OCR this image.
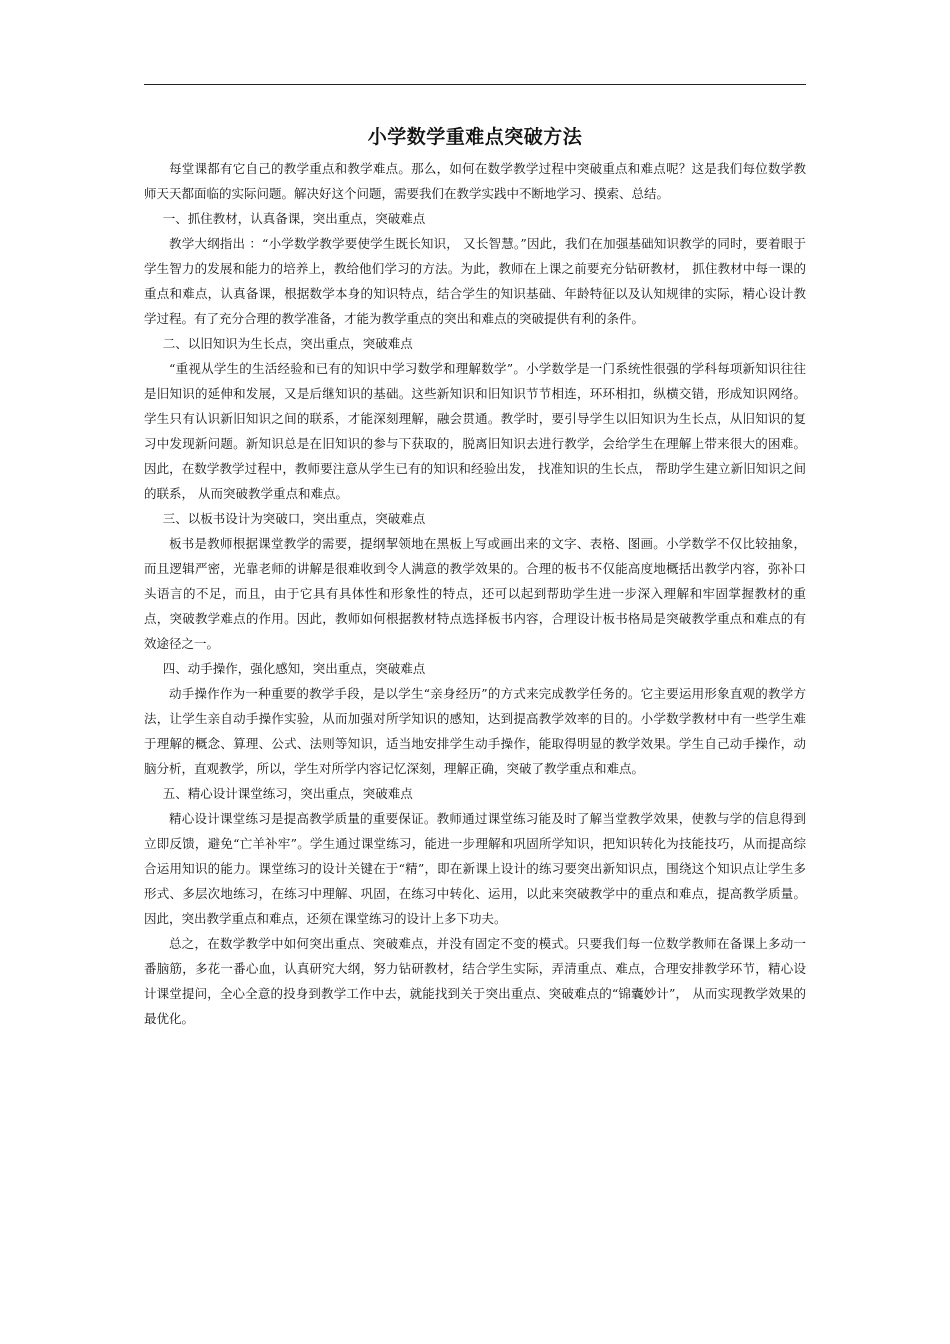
小学数学重难点突破方法

每堂课都有它自己的教学重点和教学难点。那么，如何在数学教学过程中突破重点和难点呢？这是我们每位数学教师天天都面临的实际问题。解决好这个问题，需要我们在教学实践中不断地学习、摸索、总结。

一、抓住教材，认真备课，突出重点，突破难点

教学大纲指出 ：“小学数学教学要使学生既长知识， 又长智慧。”因此，我们在加强基础知识教学的同时，要着眼于学生智力的发展和能力的培养上，教给他们学习的方法。为此，教师在上课之前要充分钻研教材， 抓住教材中每一课的重点和难点，认真备课，根据数学本身的知识特点，结合学生的知识基础、年龄特征以及认知规律的实际，精心设计教学过程。有了充分合理的教学准备，才能为教学重点的突出和难点的突破提供有利的条件。

二、以旧知识为生长点，突出重点，突破难点

“重视从学生的生活经验和已有的知识中学习数学和理解数学”。小学数学是一门系统性很强的学科每项新知识往往是旧知识的延伸和发展，又是后继知识的基础。这些新知识和旧知识节节相连，环环相扣，纵横交错，形成知识网络。学生只有认识新旧知识之间的联系，才能深刻理解，融会贯通。教学时，要引导学生以旧知识为生长点，从旧知识的复习中发现新问题。新知识总是在旧知识的参与下获取的，脱离旧知识去进行教学，会给学生在理解上带来很大的困难。因此，在数学教学过程中，教师要注意从学生已有的知识和经验出发， 找准知识的生长点， 帮助学生建立新旧知识之间的联系， 从而突破教学重点和难点。

三、以板书设计为突破口，突出重点，突破难点

板书是教师根据课堂教学的需要，提纲挈领地在黑板上写或画出来的文字、表格、图画。小学数学不仅比较抽象，而且逻辑严密，光靠老师的讲解是很难收到令人满意的教学效果的。合理的板书不仅能高度地概括出教学内容，弥补口头语言的不足，而且，由于它具有具体性和形象性的特点，还可以起到帮助学生进一步深入理解和牢固掌握教材的重点，突破教学难点的作用。因此，教师如何根据教材特点选择板书内容，合理设计板书格局是突破教学重点和难点的有效途径之一。

四、动手操作，强化感知，突出重点，突破难点

动手操作作为一种重要的教学手段，是以学生“亲身经历”的方式来完成教学任务的。它主要运用形象直观的教学方法，让学生亲自动手操作实验，从而加强对所学知识的感知，达到提高教学效率的目的。小学数学教材中有一些学生难于理解的概念、算理、公式、法则等知识，适当地安排学生动手操作，能取得明显的教学效果。学生自己动手操作，动脑分析，直观教学，所以，学生对所学内容记忆深刻，理解正确，突破了教学重点和难点。

五、精心设计课堂练习，突出重点，突破难点

精心设计课堂练习是提高教学质量的重要保证。教师通过课堂练习能及时了解当堂教学效果，使教与学的信息得到立即反馈，避免“亡羊补牢”。学生通过课堂练习，能进一步理解和巩固所学知识，把知识转化为技能技巧，从而提高综合运用知识的能力。课堂练习的设计关键在于“精”，即在新课上设计的练习要突出新知识点，围绕这个知识点让学生多形式、多层次地练习，在练习中理解、巩固，在练习中转化、运用，以此来突破教学中的重点和难点，提高教学质量。因此，突出教学重点和难点，还须在课堂练习的设计上多下功夫。

总之，在数学教学中如何突出重点、突破难点，并没有固定不变的模式。只要我们每一位数学教师在备课上多动一番脑筋，多花一番心血，认真研究大纲，努力钻研教材，结合学生实际，弄清重点、难点，合理安排教学环节，精心设计课堂提问，全心全意的投身到教学工作中去，就能找到关于突出重点、突破难点的“锦囊妙计”， 从而实现教学效果的最优化。
